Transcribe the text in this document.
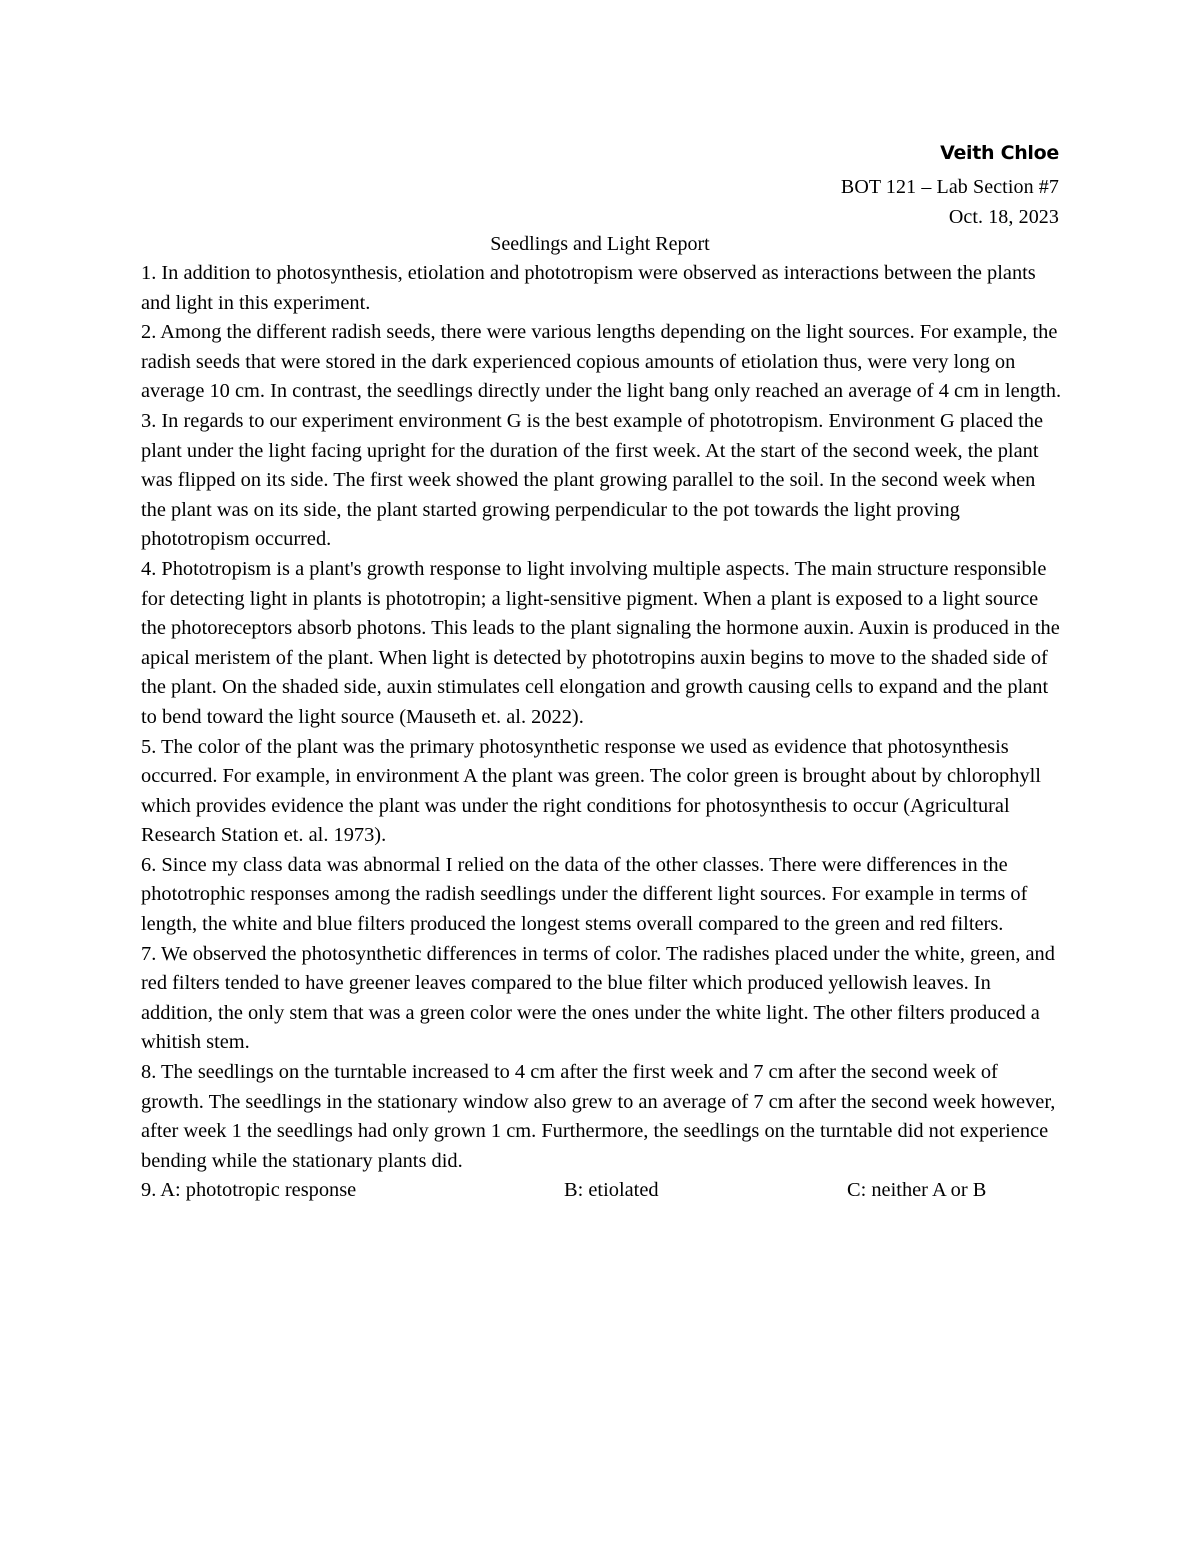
Veith Chloe
BOT 121 – Lab Section #7
Oct. 18, 2023
Seedlings and Light Report

1. In addition to photosynthesis, etiolation and phototropism were observed as interactions between the plants and light in this experiment.

2. Among the different radish seeds, there were various lengths depending on the light sources. For example, the radish seeds that were stored in the dark experienced copious amounts of etiolation thus, were very long on average 10 cm. In contrast, the seedlings directly under the light bang only reached an average of 4 cm in length.

3. In regards to our experiment environment G is the best example of phototropism. Environment G placed the plant under the light facing upright for the duration of the first week. At the start of the second week, the plant was flipped on its side. The first week showed the plant growing parallel to the soil. In the second week when the plant was on its side, the plant started growing perpendicular to the pot towards the light proving phototropism occurred.

4. Phototropism is a plant's growth response to light involving multiple aspects. The main structure responsible for detecting light in plants is phototropin; a light-sensitive pigment. When a plant is exposed to a light source the photoreceptors absorb photons. This leads to the plant signaling the hormone auxin. Auxin is produced in the apical meristem of the plant. When light is detected by phototropins auxin begins to move to the shaded side of the plant. On the shaded side, auxin stimulates cell elongation and growth causing cells to expand and the plant to bend toward the light source (Mauseth et. al. 2022).

5. The color of the plant was the primary photosynthetic response we used as evidence that photosynthesis occurred. For example, in environment A the plant was green. The color green is brought about by chlorophyll which provides evidence the plant was under the right conditions for photosynthesis to occur (Agricultural Research Station et. al. 1973).

6. Since my class data was abnormal I relied on the data of the other classes. There were differences in the phototrophic responses among the radish seedlings under the different light sources. For example in terms of length, the white and blue filters produced the longest stems overall compared to the green and red filters.

7. We observed the photosynthetic differences in terms of color. The radishes placed under the white, green, and red filters tended to have greener leaves compared to the blue filter which produced yellowish leaves. In addition, the only stem that was a green color were the ones under the white light. The other filters produced a whitish stem.

8. The seedlings on the turntable increased to 4 cm after the first week and 7 cm after the second week of growth. The seedlings in the stationary window also grew to an average of 7 cm after the second week however, after week 1 the seedlings had only grown 1 cm. Furthermore, the seedlings on the turntable did not experience bending while the stationary plants did.

9. A: phototropic response	B: etiolated	C: neither A or B
